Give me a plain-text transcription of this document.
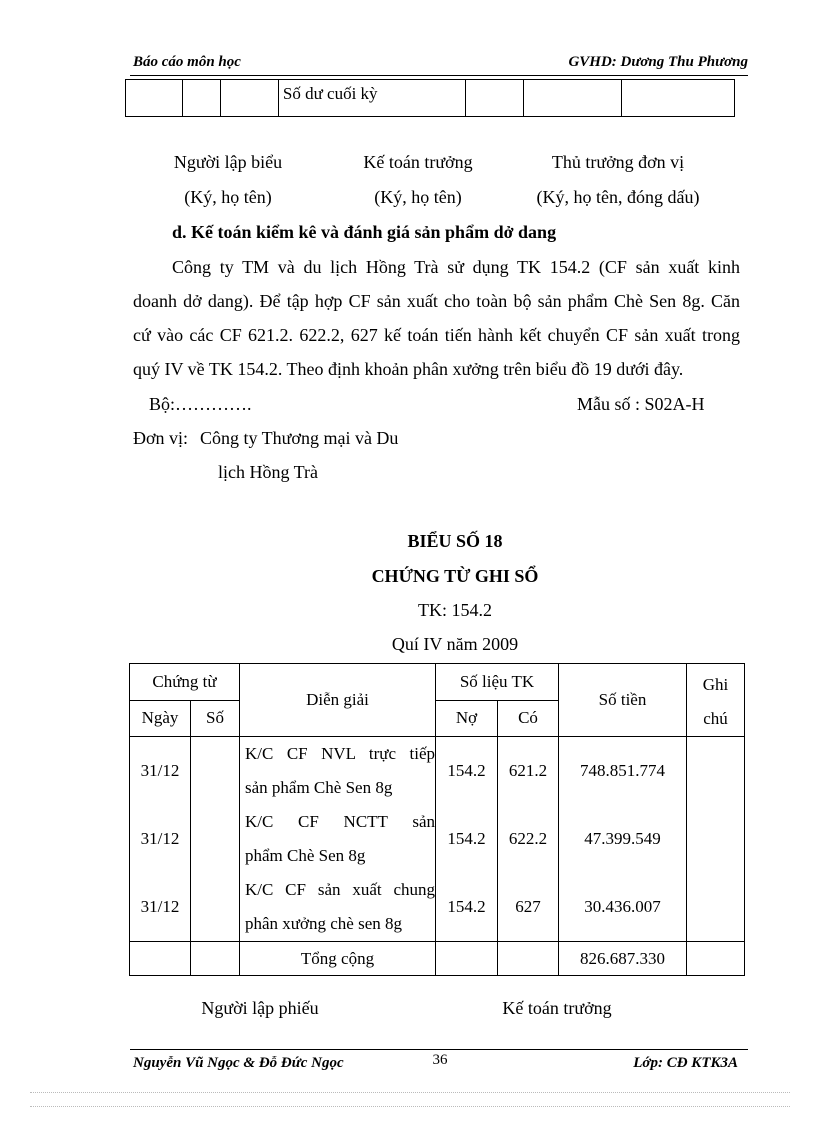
Báo cáo môn học	GVHD: Dương Thu Phương
			Số dư cuối kỳ			
Người lập biểu	Kế toán trưởng	Thủ trưởng đơn vị
(Ký, họ tên)	(Ký, họ tên)	(Ký, họ tên, đóng dấu)
d. Kế toán kiểm kê và đánh giá sản phẩm dở dang
Công ty TM và du lịch Hồng Trà sử dụng TK 154.2 (CF sản xuất kinh
doanh dở dang). Để tập hợp CF sản xuất cho toàn bộ sản phẩm Chè Sen 8g. Căn
cứ vào các CF 621.2. 622.2, 627 kế toán tiến hành kết chuyển CF sản xuất trong
quý IV về TK 154.2. Theo định khoản phân xưởng trên biểu đồ 19 dưới đây.
Bộ:………….	Mẫu số : S02A-H
Đơn vị: Công ty Thương mại và Du
lịch Hồng Trà
BIỂU SỐ 18
CHỨNG TỪ GHI SỔ
TK: 154.2
Quí IV năm 2009
Chứng từ		Diễn giải	Số liệu TK		Số tiền	Ghi
chú
Ngày	Số		Nợ	Có		
31/12		K/C CF NVL trực tiếp
sản phẩm Chè Sen 8g	154.2	621.2	748.851.774	
31/12		K/C CF NCTT sản
phẩm Chè Sen 8g	154.2	622.2	47.399.549	
31/12		K/C CF sản xuất chung
phân xưởng chè sen 8g	154.2	627	30.436.007	
		Tổng cộng			826.687.330	
Người lập phiếu	Kế toán trưởng
Nguyễn Vũ Ngọc & Đỗ Đức Ngọc	36	Lớp: CĐ KTK3A
